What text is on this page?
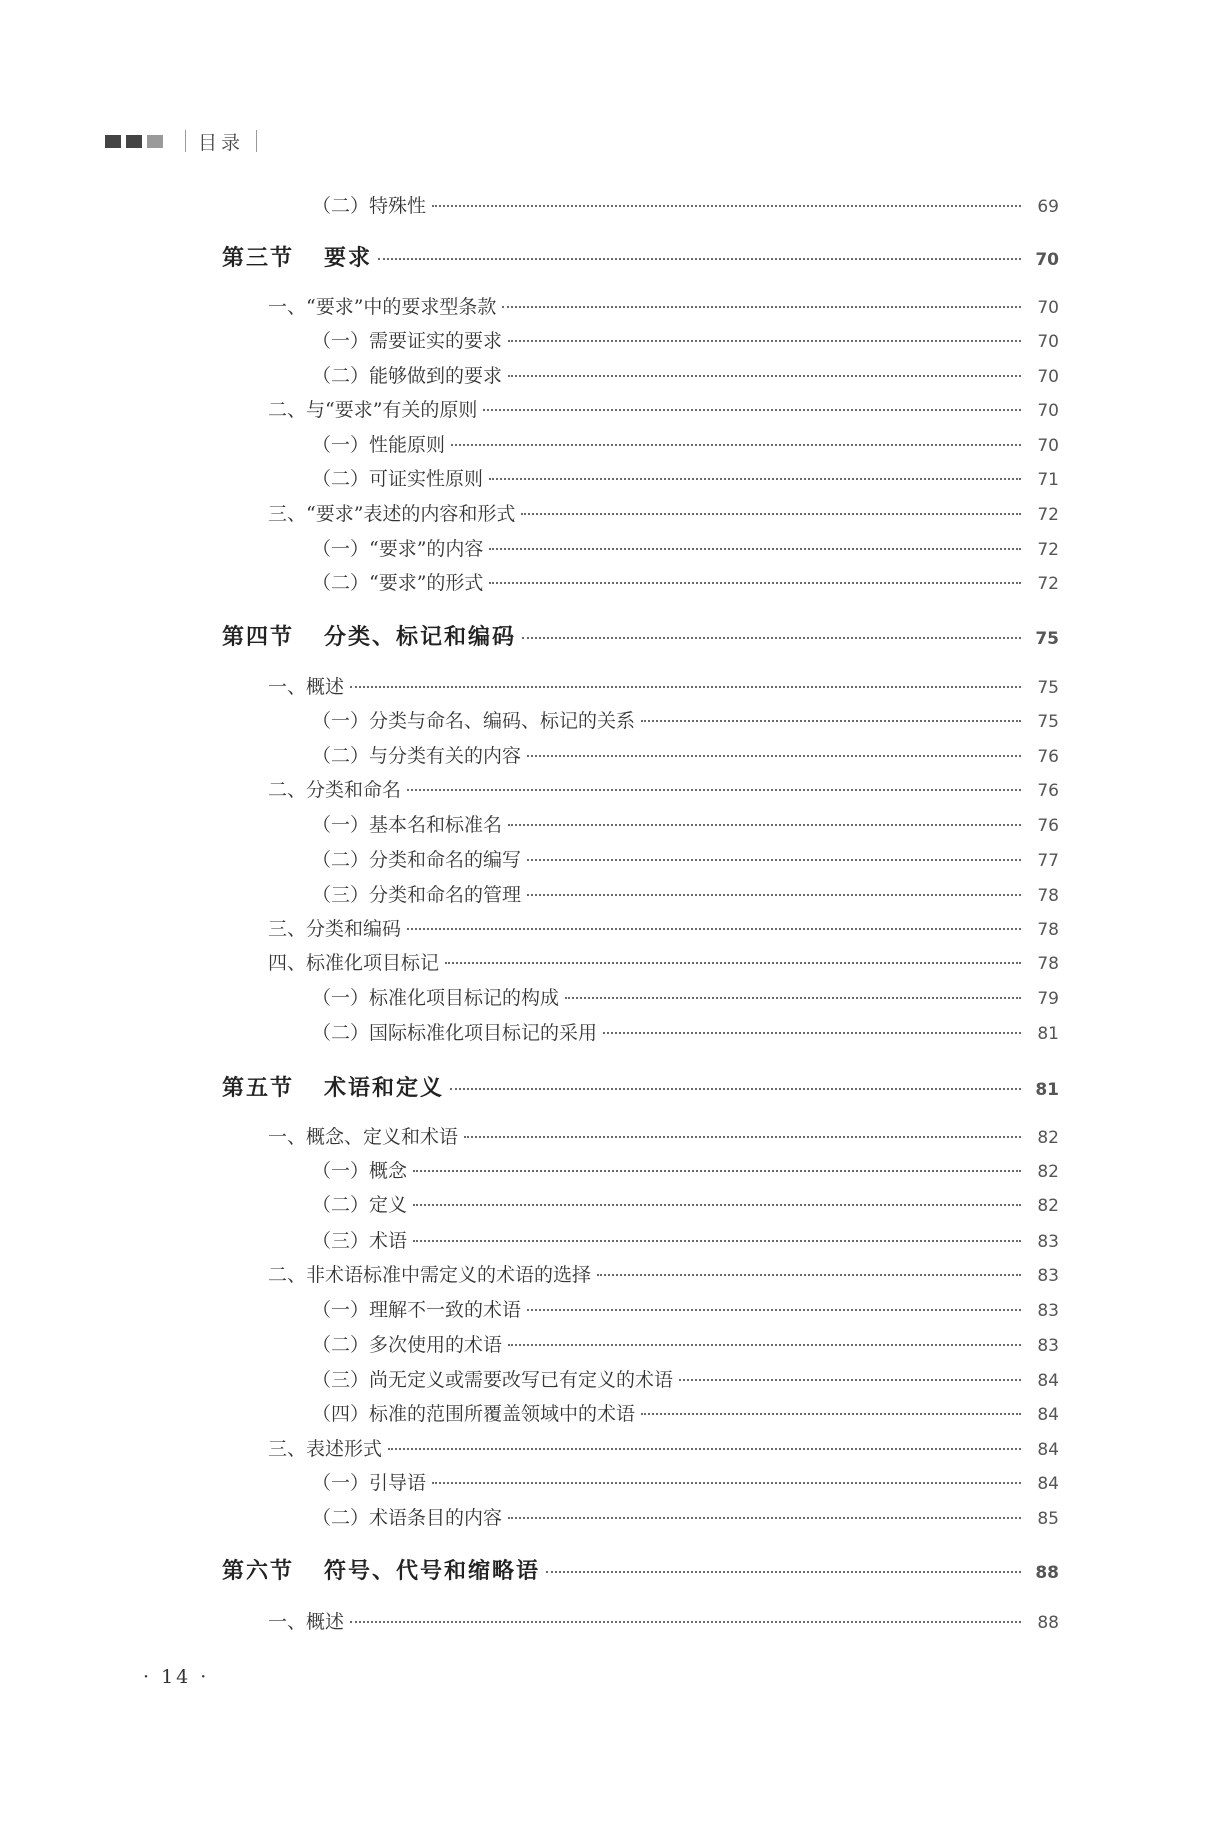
目录
（二）特殊性	69
第三节 要求	70
一、“要求”中的要求型条款	70
（一）需要证实的要求	70
（二）能够做到的要求	70
二、与“要求”有关的原则	70
（一）性能原则	70
（二）可证实性原则	71
三、“要求”表述的内容和形式	72
（一）“要求”的内容	72
（二）“要求”的形式	72
第四节 分类、标记和编码	75
一、概述	75
（一）分类与命名、编码、标记的关系	75
（二）与分类有关的内容	76
二、分类和命名	76
（一）基本名和标准名	76
（二）分类和命名的编写	77
（三）分类和命名的管理	78
三、分类和编码	78
四、标准化项目标记	78
（一）标准化项目标记的构成	79
（二）国际标准化项目标记的采用	81
第五节 术语和定义	81
一、概念、定义和术语	82
（一）概念	82
（二）定义	82
（三）术语	83
二、非术语标准中需定义的术语的选择	83
（一）理解不一致的术语	83
（二）多次使用的术语	83
（三）尚无定义或需要改写已有定义的术语	84
（四）标准的范围所覆盖领域中的术语	84
三、表述形式	84
（一）引导语	84
（二）术语条目的内容	85
第六节 符号、代号和缩略语	88
一、概述	88
· 14 ·
